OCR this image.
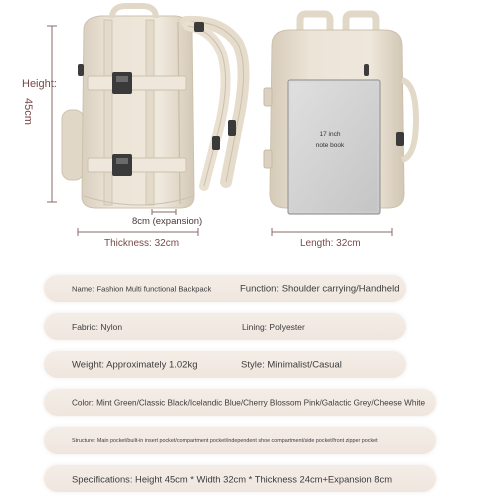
Height:
45cm
8cm (expansion)
Thickness: 32cm	Length: 32cm
17 inch
note book
Name: Fashion Multi functional Backpack	Function: Shoulder carrying/Handheld
Fabric: Nylon	Lining: Polyester
Weight: Approximately 1.02kg	Style: Minimalist/Casual
Color: Mint Green/Classic Black/Icelandic Blue/Cherry Blossom Pink/Galactic Grey/Cheese White
Structure: Main pocket/built-in insert pocket/compartment pocket/independent shoe compartment/side pocket/front zipper pocket
Specifications: Height 45cm * Width 32cm * Thickness 24cm+Expansion 8cm
